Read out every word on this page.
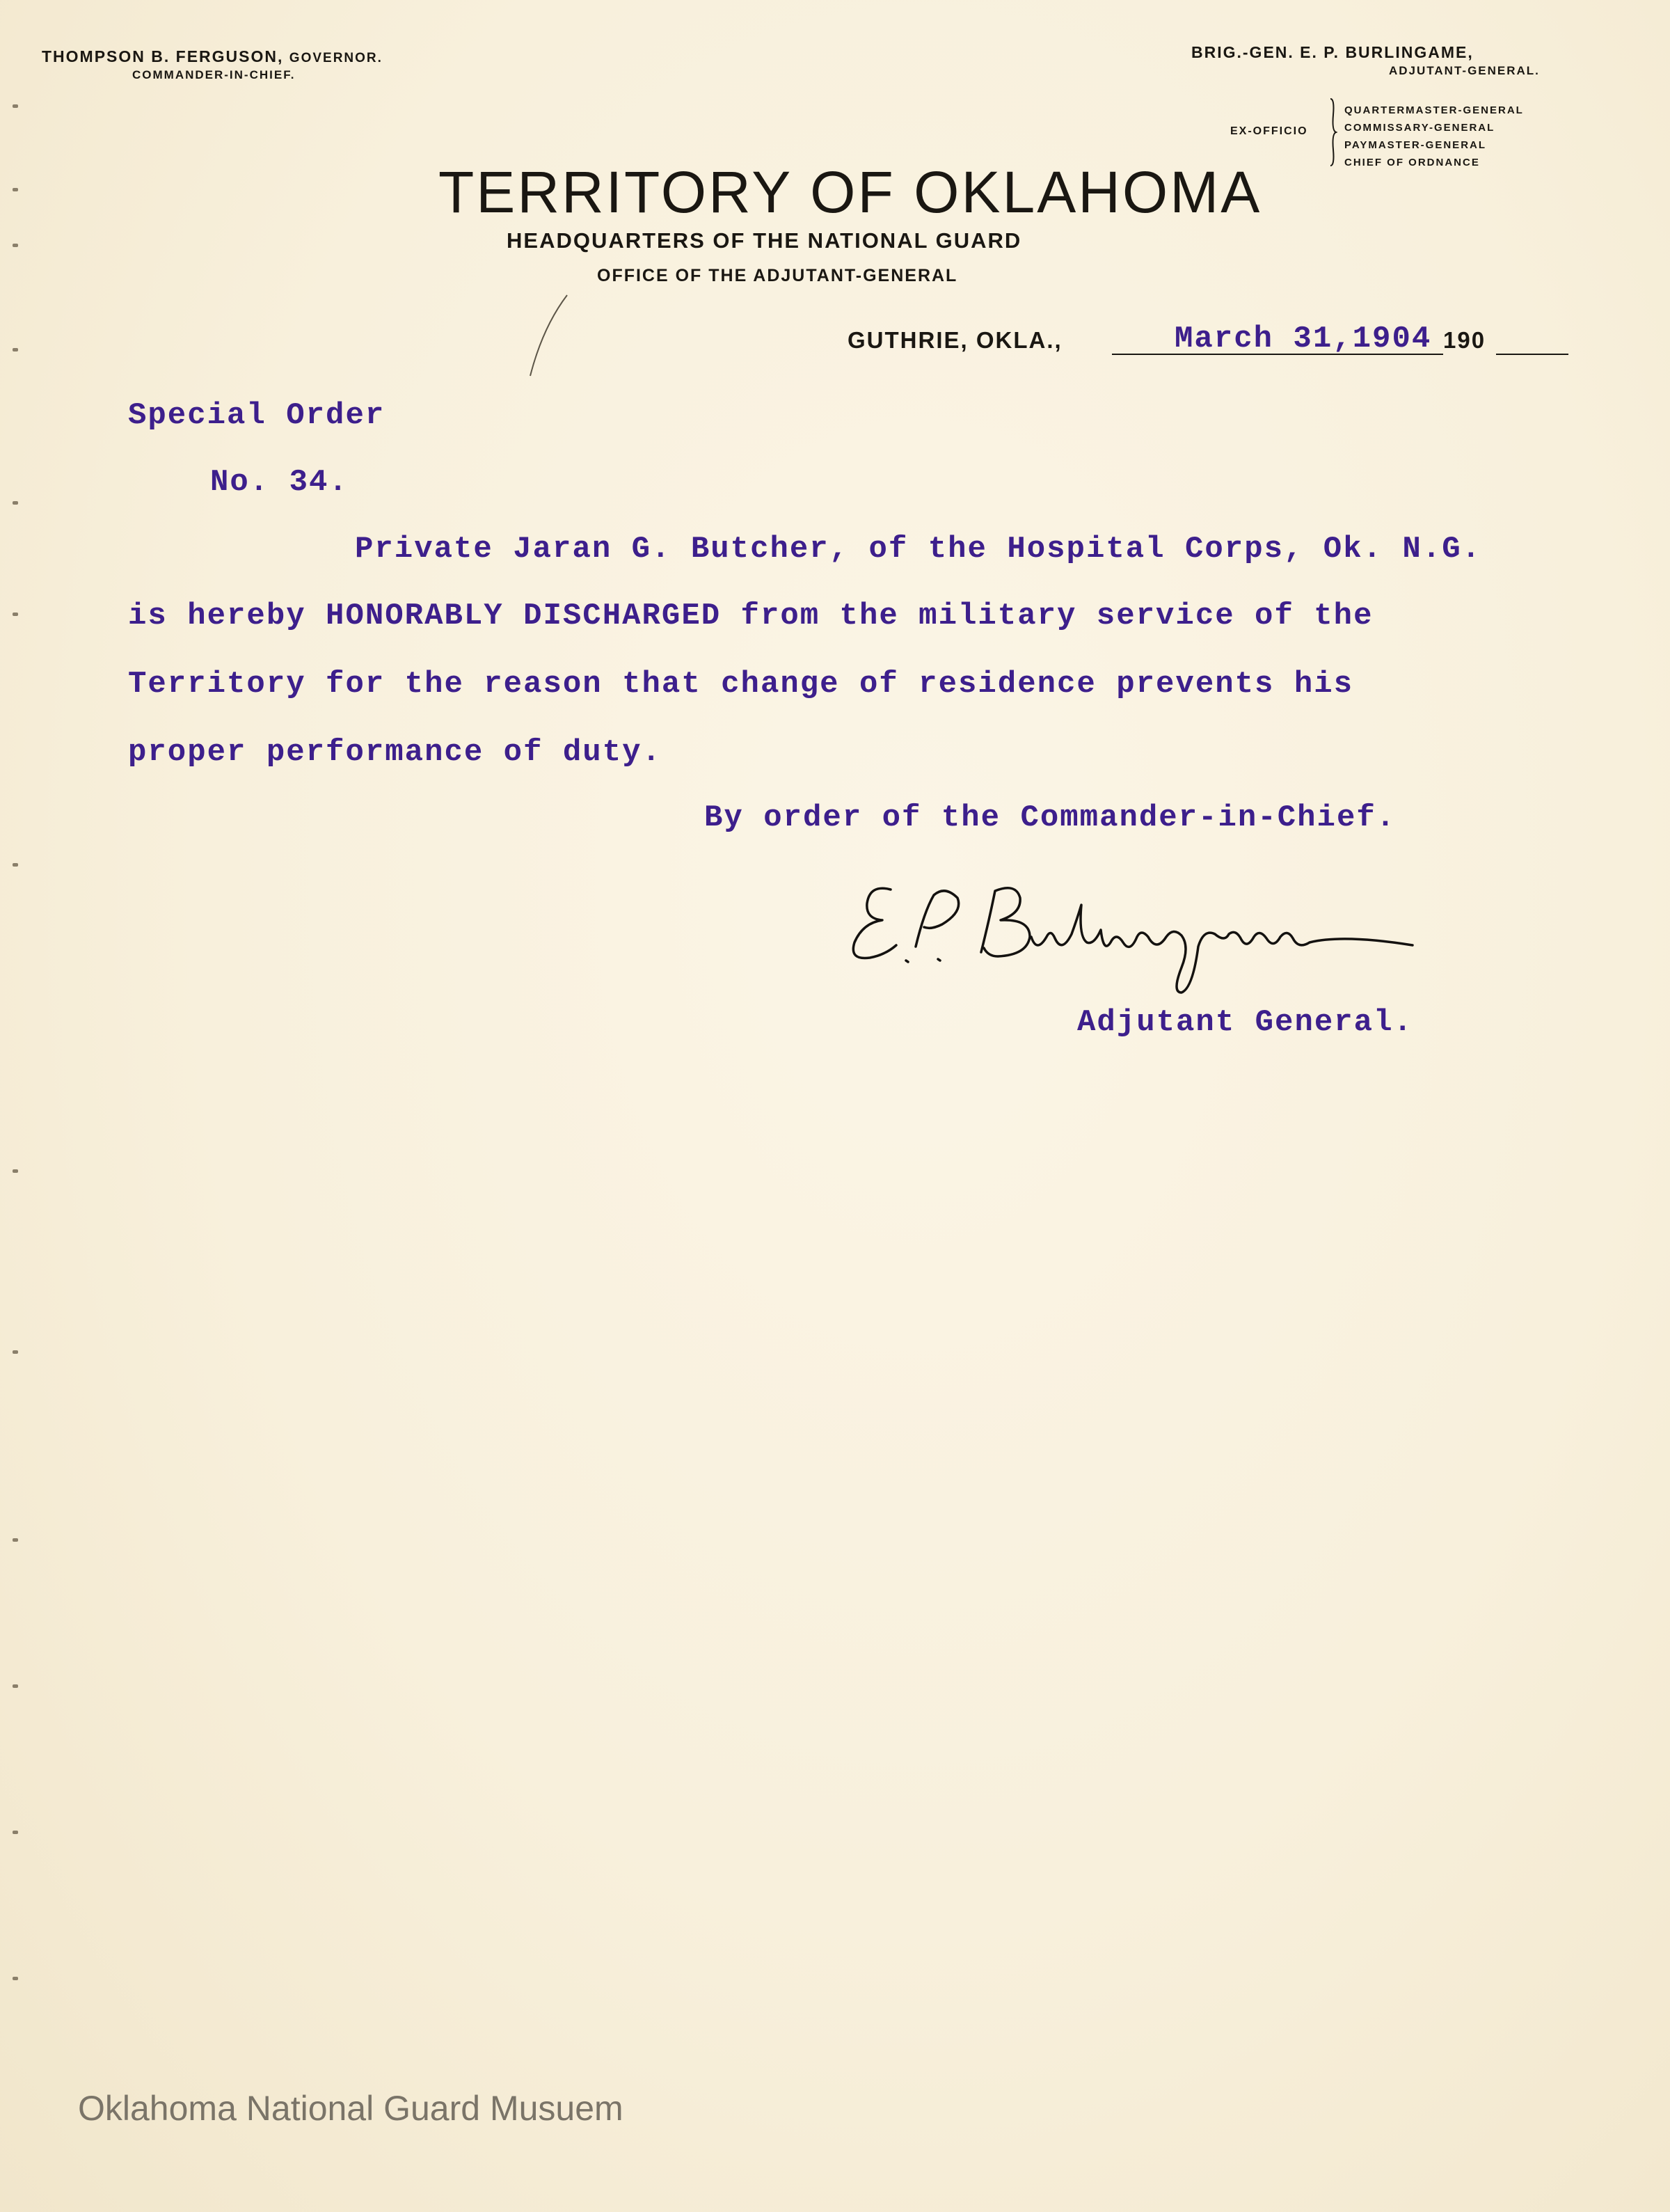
THOMPSON B. FERGUSON, GOVERNOR.
COMMANDER-IN-CHIEF.
BRIG.-GEN. E. P. BURLINGAME,
ADJUTANT-GENERAL.
EX-OFFICIO
QUARTERMASTER-GENERAL
COMMISSARY-GENERAL
PAYMASTER-GENERAL
CHIEF OF ORDNANCE
TERRITORY OF OKLAHOMA
HEADQUARTERS OF THE NATIONAL GUARD
OFFICE OF THE ADJUTANT-GENERAL
GUTHRIE, OKLA.,	March 31,1904 190
Special Order
No. 34.
Private Jaran G. Butcher, of the Hospital Corps, Ok. N.G.
is hereby HONORABLY DISCHARGED from the military service of the
Territory for the reason that change of residence prevents his
proper performance of duty.
By order of the Commander-in-Chief.
Adjutant General.
Oklahoma National Guard Musuem
